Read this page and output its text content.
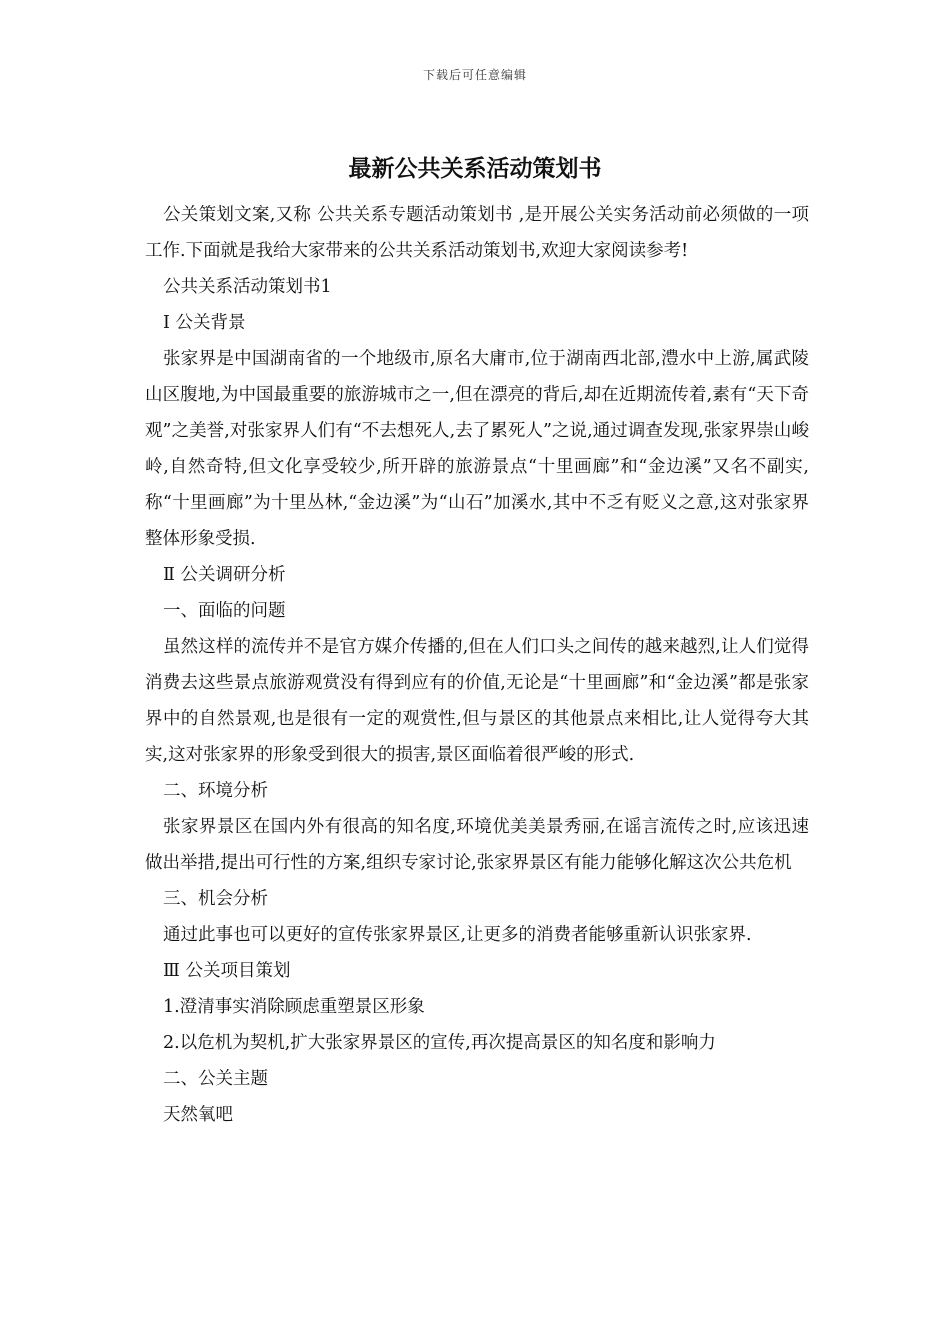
下载后可任意编辑
最新公共关系活动策划书

公关策划文案,又称 公共关系专题活动策划书 ,是开展公关实务活动前必须做的一项工作.下面就是我给大家带来的公共关系活动策划书,欢迎大家阅读参考!

公共关系活动策划书1

Ⅰ 公关背景

张家界是中国湖南省的一个地级市,原名大庸市,位于湖南西北部,澧水中上游,属武陵山区腹地,为中国最重要的旅游城市之一,但在漂亮的背后,却在近期流传着,素有“天下奇观”之美誉,对张家界人们有“不去想死人,去了累死人”之说,通过调查发现,张家界崇山峻岭,自然奇特,但文化享受较少,所开辟的旅游景点“十里画廊”和“金边溪”又名不副实,称“十里画廊”为十里丛林,“金边溪”为“山石”加溪水,其中不乏有贬义之意,这对张家界整体形象受损.

Ⅱ 公关调研分析

一、面临的问题

虽然这样的流传并不是官方媒介传播的,但在人们口头之间传的越来越烈,让人们觉得消费去这些景点旅游观赏没有得到应有的价值,无论是“十里画廊”和“金边溪”都是张家界中的自然景观,也是很有一定的观赏性,但与景区的其他景点来相比,让人觉得夸大其实,这对张家界的形象受到很大的损害,景区面临着很严峻的形式.

二、环境分析

张家界景区在国内外有很高的知名度,环境优美美景秀丽,在谣言流传之时,应该迅速做出举措,提出可行性的方案,组织专家讨论,张家界景区有能力能够化解这次公共危机

三、机会分析

通过此事也可以更好的宣传张家界景区,让更多的消费者能够重新认识张家界.

Ⅲ 公关项目策划

1.澄清事实消除顾虑重塑景区形象

2.以危机为契机,扩大张家界景区的宣传,再次提高景区的知名度和影响力

二、公关主题

天然氧吧
